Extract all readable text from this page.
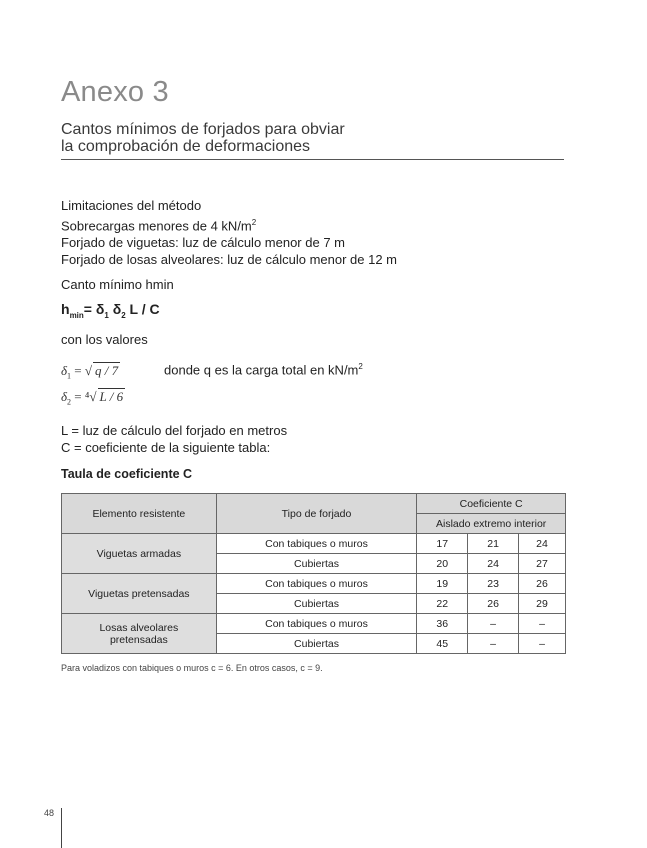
Anexo 3
Cantos mínimos de forjados para obviar
la comprobación de deformaciones
Limitaciones del método
Sobrecargas menores de 4 $kN/m^2$
Forjado de viguetas: luz de cálculo menor de 7 m
Forjado de losas alveolares: luz de cálculo menor de 12 m
Canto mínimo hmin
$h_{min}= \delta_1$ $\delta_2$ L / C
con los valores
$\delta_1$ = √ q / 7	donde q es la carga total en $kN/m^2$
$\delta_2 = ^4√$ L / 6
L = luz de cálculo del forjado en metros
C = coeficiente de la siguiente tabla:
Taula de coeficiente C
Elemento resistente	Tipo de forjado	Coeficiente C		
		Aislado extremo interior		
Viguetas armadas	Con tabiques o muros	17	21	24
	Cubiertas	20	24	27
Viguetas pretensadas	Con tabiques o muros	19	23	26
	Cubiertas	22	26	29

Losas alveolares
pretensadas	Con tabiques o muros	36	–	–
	Cubiertas	45	–	–
Para voladizos con tabiques o muros c = 6. En otros casos, c = 9.
48
